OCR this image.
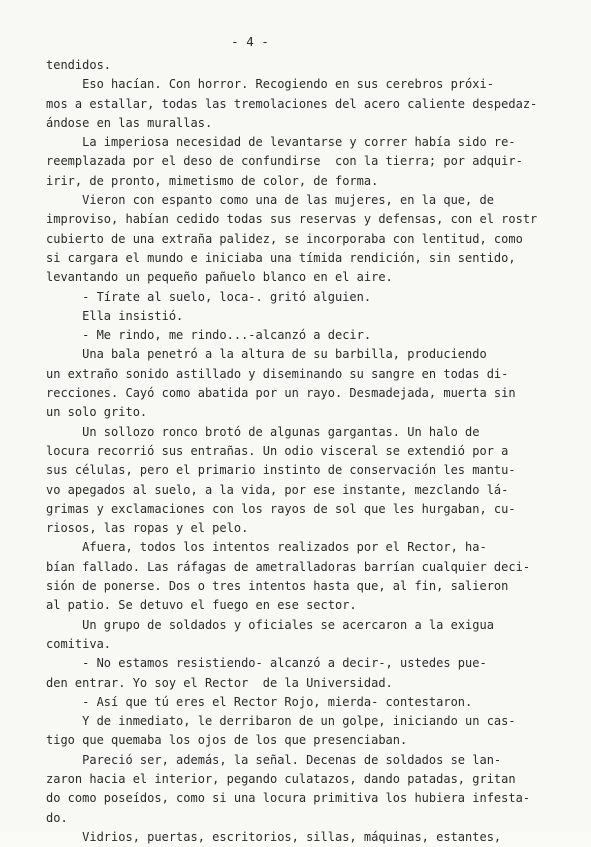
- 4 -
tendidos.
Eso hacían. Con horror. Recogiendo en sus cerebros próxi-
mos a estallar, todas las tremolaciones del acero caliente despedaz-
ándose en las murallas.
La imperiosa necesidad de levantarse y correr había sido re-
reemplazada por el deso de confundirse  con la tierra; por adquir-
irir, de pronto, mimetismo de color, de forma.
Vieron con espanto como una de las mujeres, en la que, de
improviso, habían cedido todas sus reservas y defensas, con el rostr
cubierto de una extraña palidez, se incorporaba con lentitud, como
si cargara el mundo e iniciaba una tímida rendición, sin sentido,
levantando un pequeño pañuelo blanco en el aire.
- Tírate al suelo, loca-. gritó alguien.
Ella insistió.
- Me rindo, me rindo...-alcanzó a decir.
Una bala penetró a la altura de su barbilla, produciendo
un extraño sonido astillado y diseminando su sangre en todas di-
recciones. Cayó como abatida por un rayo. Desmadejada, muerta sin
un solo grito.
Un sollozo ronco brotó de algunas gargantas. Un halo de
locura recorrió sus entrañas. Un odio visceral se extendió por a
sus células, pero el primario instinto de conservación les mantu-
vo apegados al suelo, a la vida, por ese instante, mezclando lá-
grimas y exclamaciones con los rayos de sol que les hurgaban, cu-
riosos, las ropas y el pelo.
Afuera, todos los intentos realizados por el Rector, ha-
bían fallado. Las ráfagas de ametralladoras barrían cualquier deci-
sión de ponerse. Dos o tres intentos hasta que, al fin, salieron
al patio. Se detuvo el fuego en ese sector.
Un grupo de soldados y oficiales se acercaron a la exigua
comitiva.
- No estamos resistiendo- alcanzó a decir-, ustedes pue-
den entrar. Yo soy el Rector  de la Universidad.
- Así que tú eres el Rector Rojo, mierda- contestaron.
Y de inmediato, le derribaron de un golpe, iniciando un cas-
tigo que quemaba los ojos de los que presenciaban.
Pareció ser, además, la señal. Decenas de soldados se lan-
zaron hacia el interior, pegando culatazos, dando patadas, gritan
do como poseídos, como si una locura primitiva los hubiera infesta-
do.
Vidrios, puertas, escritorios, sillas, máquinas, estantes,
